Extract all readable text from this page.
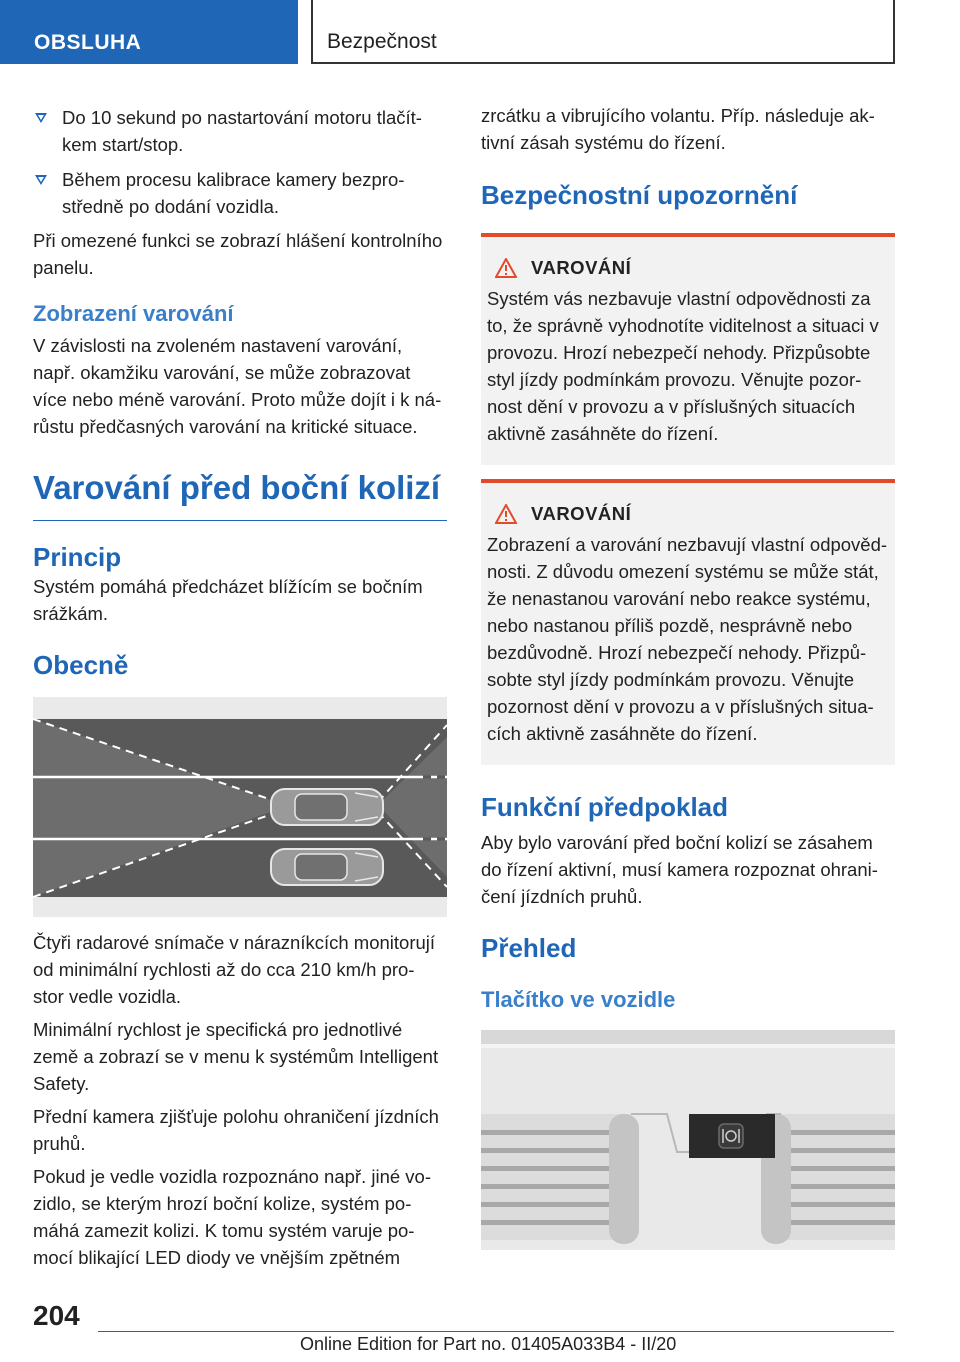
OBSLUHA	Bezpečnost
Do 10 sekund po nastartování motoru tlačít‐ kem start/stop.
Během procesu kalibrace kamery bezpro‐ středně po dodání vozidla.

Při omezené funkci se zobrazí hlášení kontrolního panelu.

Zobrazení varování

V závislosti na zvoleném nastavení varování, např. okamžiku varování, se může zobrazovat více nebo méně varování. Proto může dojít i k ná‐ růstu předčasných varování na kritické situace.

Varování před boční kolizí
Princip

Systém pomáhá předcházet blížícím se bočním srážkám.

Obecně

Čtyři radarové snímače v nárazníkcích monitorují od minimální rychlosti až do cca 210 km/h pro‐ stor vedle vozidla.

Minimální rychlost je specifická pro jednotlivé země a zobrazí se v menu k systémům Intelligent Safety.

Přední kamera zjišťuje polohu ohraničení jízdních pruhů.

Pokud je vedle vozidla rozpoznáno např. jiné vo‐ zidlo, se kterým hrozí boční kolize, systém po‐ máhá zamezit kolizi. K tomu systém varuje po‐ mocí blikající LED diody ve vnějším zpětném

zrcátku a vibrujícího volantu. Příp. následuje ak‐ tivní zásah systému do řízení.

Bezpečnostní upozornění
VAROVÁNÍ

Systém vás nezbavuje vlastní odpovědnosti za to, že správně vyhodnotíte viditelnost a situaci v provozu. Hrozí nebezpečí nehody. Přizpůsobte styl jízdy podmínkám provozu. Věnujte pozor‐ nost dění v provozu a v příslušných situacích aktivně zasáhněte do řízení.

VAROVÁNÍ

Zobrazení a varování nezbavují vlastní odpověd‐ nosti. Z důvodu omezení systému se může stát, že nenastanou varování nebo reakce systému, nebo nastanou příliš pozdě, nesprávně nebo bezdůvodně. Hrozí nebezpečí nehody. Přizpů‐ sobte styl jízdy podmínkám provozu. Věnujte pozornost dění v provozu a v příslušných situa‐ cích aktivně zasáhněte do řízení.

Funkční předpoklad

Aby bylo varování před boční kolizí se zásahem do řízení aktivní, musí kamera rozpoznat ohrani‐ čení jízdních pruhů.

Přehled
Tlačítko ve vozidle
204
Online Edition for Part no. 01405A033B4 - II/20
